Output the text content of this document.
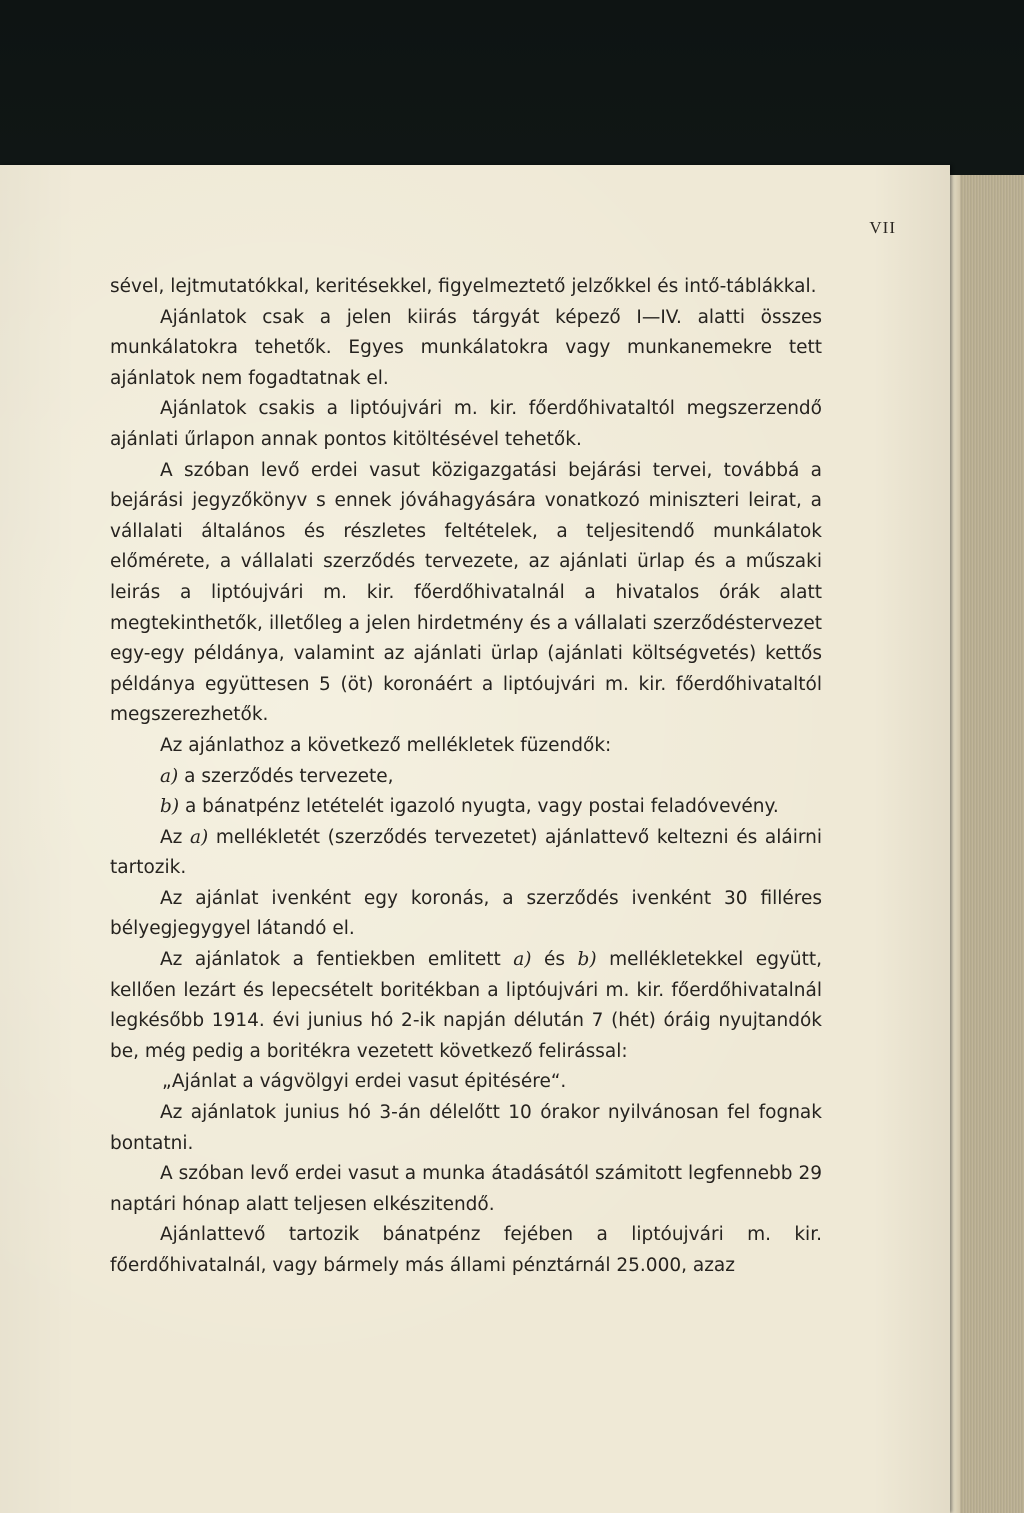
VII

sével, lejtmutatókkal, keritésekkel, figyelmeztető jelzőkkel és intő-táblákkal.

Ajánlatok csak a jelen kiirás tárgyát képező I—IV. alatti összes munkálatokra tehetők. Egyes munkálatokra vagy munkanemekre tett ajánlatok nem fogadtatnak el.

Ajánlatok csakis a liptóujvári m. kir. főerdőhivataltól megszerzendő ajánlati űrlapon annak pontos kitöltésével tehetők.

A szóban levő erdei vasut közigazgatási bejárási tervei, továbbá a bejárási jegyzőkönyv s ennek jóváhagyására vonatkozó miniszteri leirat, a vállalati általános és részletes feltételek, a teljesitendő munkálatok előmérete, a vállalati szerződés tervezete, az ajánlati ürlap és a műszaki leirás a liptóujvári m. kir. főerdőhivatalnál a hivatalos órák alatt megtekinthetők, illetőleg a jelen hirdetmény és a vállalati szerződéstervezet egy-egy példánya, valamint az ajánlati ürlap (ajánlati költségvetés) kettős példánya együttesen 5 (öt) koronáért a liptóujvári m. kir. főerdőhivataltól megszerezhetők.

Az ajánlathoz a következő mellékletek füzendők:

a) a szerződés tervezete,

b) a bánatpénz letételét igazoló nyugta, vagy postai feladóvevény.

Az a) mellékletét (szerződés tervezetet) ajánlattevő keltezni és aláirni tartozik.

Az ajánlat ivenként egy koronás, a szerződés ivenként 30 filléres bélyegjegygyel látandó el.

Az ajánlatok a fentiekben emlitett a) és b) mellékletekkel együtt, kellően lezárt és lepecsételt boritékban a liptóujvári m. kir. főerdőhivatalnál legkésőbb 1914. évi junius hó 2-ik napján délután 7 (hét) óráig nyujtandók be, még pedig a boritékra vezetett következő felirással:

„Ajánlat a vágvölgyi erdei vasut épitésére“.

Az ajánlatok junius hó 3-án délelőtt 10 órakor nyilvánosan fel fognak bontatni.

A szóban levő erdei vasut a munka átadásától számitott legfennebb 29 naptári hónap alatt teljesen elkészitendő.

Ajánlattevő tartozik bánatpénz fejében a liptóujvári m. kir. főerdőhivatalnál, vagy bármely más állami pénztárnál 25.000, azaz
